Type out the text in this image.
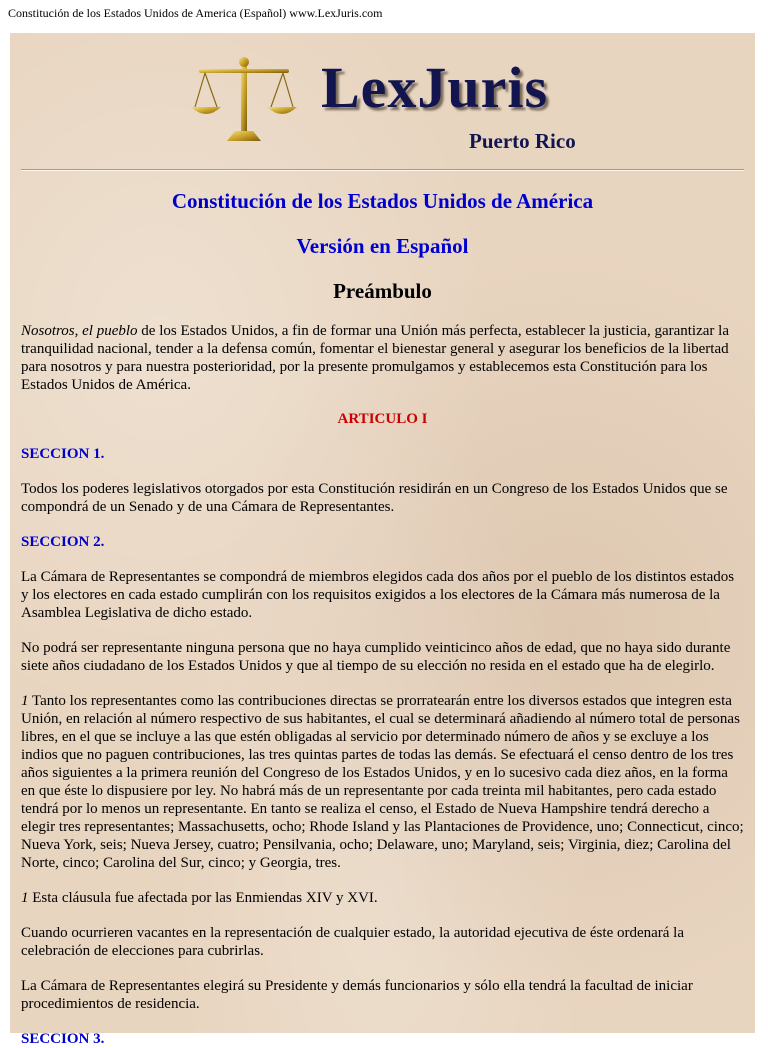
Constitución de los Estados Unidos de America (Español) www.LexJuris.com
LexJuris
Puerto Rico
Constitución de los Estados Unidos de América
Versión en Español
Preámbulo

Nosotros, el pueblo de los Estados Unidos, a fin de formar una Unión más perfecta, establecer la justicia, garantizar la tranquilidad nacional, tender a la defensa común, fomentar el bienestar general y asegurar los beneficios de la libertad para nosotros y para nuestra posterioridad, por la presente promulgamos y establecemos esta Constitución para los Estados Unidos de América.

ARTICULO I
SECCION 1.

Todos los poderes legislativos otorgados por esta Constitución residirán en un Congreso de los Estados Unidos que se compondrá de un Senado y de una Cámara de Representantes.

SECCION 2.

La Cámara de Representantes se compondrá de miembros elegidos cada dos años por el pueblo de los distintos estados y los electores en cada estado cumplirán con los requisitos exigidos a los electores de la Cámara más numerosa de la Asamblea Legislativa de dicho estado.

No podrá ser representante ninguna persona que no haya cumplido veinticinco años de edad, que no haya sido durante siete años ciudadano de los Estados Unidos y que al tiempo de su elección no resida en el estado que ha de elegirlo.

1 Tanto los representantes como las contribuciones directas se prorratearán entre los diversos estados que integren esta Unión, en relación al número respectivo de sus habitantes, el cual se determinará añadiendo al número total de personas libres, en el que se incluye a las que estén obligadas al servicio por determinado número de años y se excluye a los indios que no paguen contribuciones, las tres quintas partes de todas las demás. Se efectuará el censo dentro de los tres años siguientes a la primera reunión del Congreso de los Estados Unidos, y en lo sucesivo cada diez años, en la forma en que éste lo dispusiere por ley. No habrá más de un representante por cada treinta mil habitantes, pero cada estado tendrá por lo menos un representante. En tanto se realiza el censo, el Estado de Nueva Hampshire tendrá derecho a elegir tres representantes; Massachusetts, ocho; Rhode Island y las Plantaciones de Providence, uno; Connecticut, cinco; Nueva York, seis; Nueva Jersey, cuatro; Pensilvania, ocho; Delaware, uno; Maryland, seis; Virginia, diez; Carolina del Norte, cinco; Carolina del Sur, cinco; y Georgia, tres.

1 Esta cláusula fue afectada por las Enmiendas XIV y XVI.

Cuando ocurrieren vacantes en la representación de cualquier estado, la autoridad ejecutiva de éste ordenará la celebración de elecciones para cubrirlas.

La Cámara de Representantes elegirá su Presidente y demás funcionarios y sólo ella tendrá la facultad de iniciar procedimientos de residencia.

SECCION 3.
